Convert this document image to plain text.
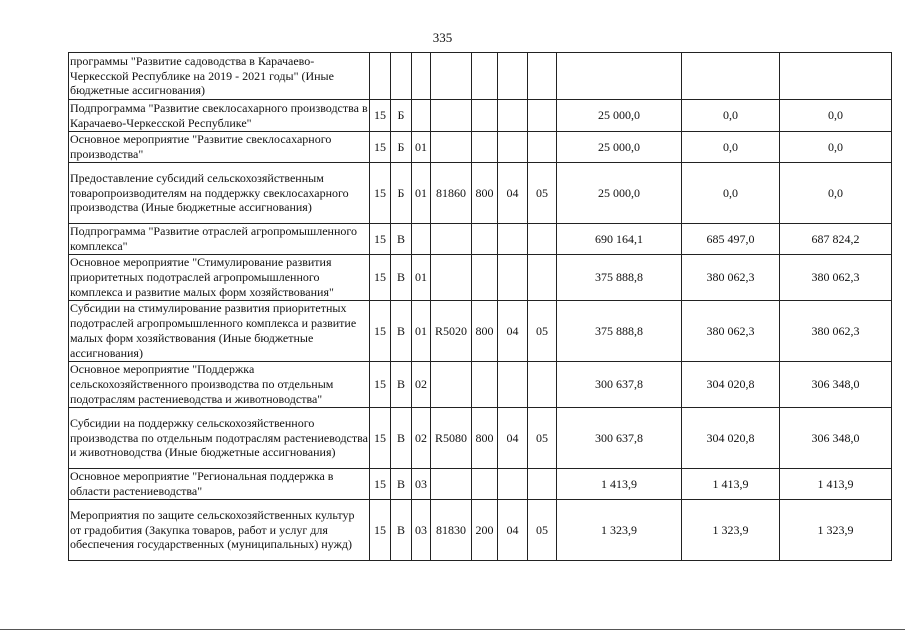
335
программы "Развитие садоводства в Карачаево-Черкесской Республике на 2019 - 2021 годы" (Иные бюджетные ассигнования)										
Подпрограмма "Развитие свеклосахарного производства в Карачаево-Черкесской Республике"	15	Б						25 000,0	0,0	0,0
Основное мероприятие "Развитие свеклосахарного производства"	15	Б	01					25 000,0	0,0	0,0
Предоставление субсидий сельскохозяйственным товаропроизводителям на поддержку свеклосахарного производства (Иные бюджетные ассигнования)	15	Б	01	81860	800	04	05	25 000,0	0,0	0,0
Подпрограмма "Развитие отраслей агропромышленного комплекса"	15	В						690 164,1	685 497,0	687 824,2
Основное мероприятие "Стимулирование развития приоритетных подотраслей агропромышленного комплекса и развитие малых форм хозяйствования"	15	В	01					375 888,8	380 062,3	380 062,3
Субсидии на стимулирование развития приоритетных подотраслей агропромышленного комплекса и развитие малых форм хозяйствования (Иные бюджетные ассигнования)	15	В	01	R5020	800	04	05	375 888,8	380 062,3	380 062,3
Основное мероприятие "Поддержка сельскохозяйственного производства по отдельным подотраслям растениеводства и животноводства"	15	В	02					300 637,8	304 020,8	306 348,0
Субсидии на поддержку сельскохозяйственного производства по отдельным подотраслям растениеводства и животноводства (Иные бюджетные ассигнования)	15	В	02	R5080	800	04	05	300 637,8	304 020,8	306 348,0
Основное мероприятие "Региональная поддержка в области растениеводства"	15	В	03					1 413,9	1 413,9	1 413,9
Мероприятия по защите сельскохозяйственных культур от градобития (Закупка товаров, работ и услуг для обеспечения государственных (муниципальных) нужд)	15	В	03	81830	200	04	05	1 323,9	1 323,9	1 323,9
